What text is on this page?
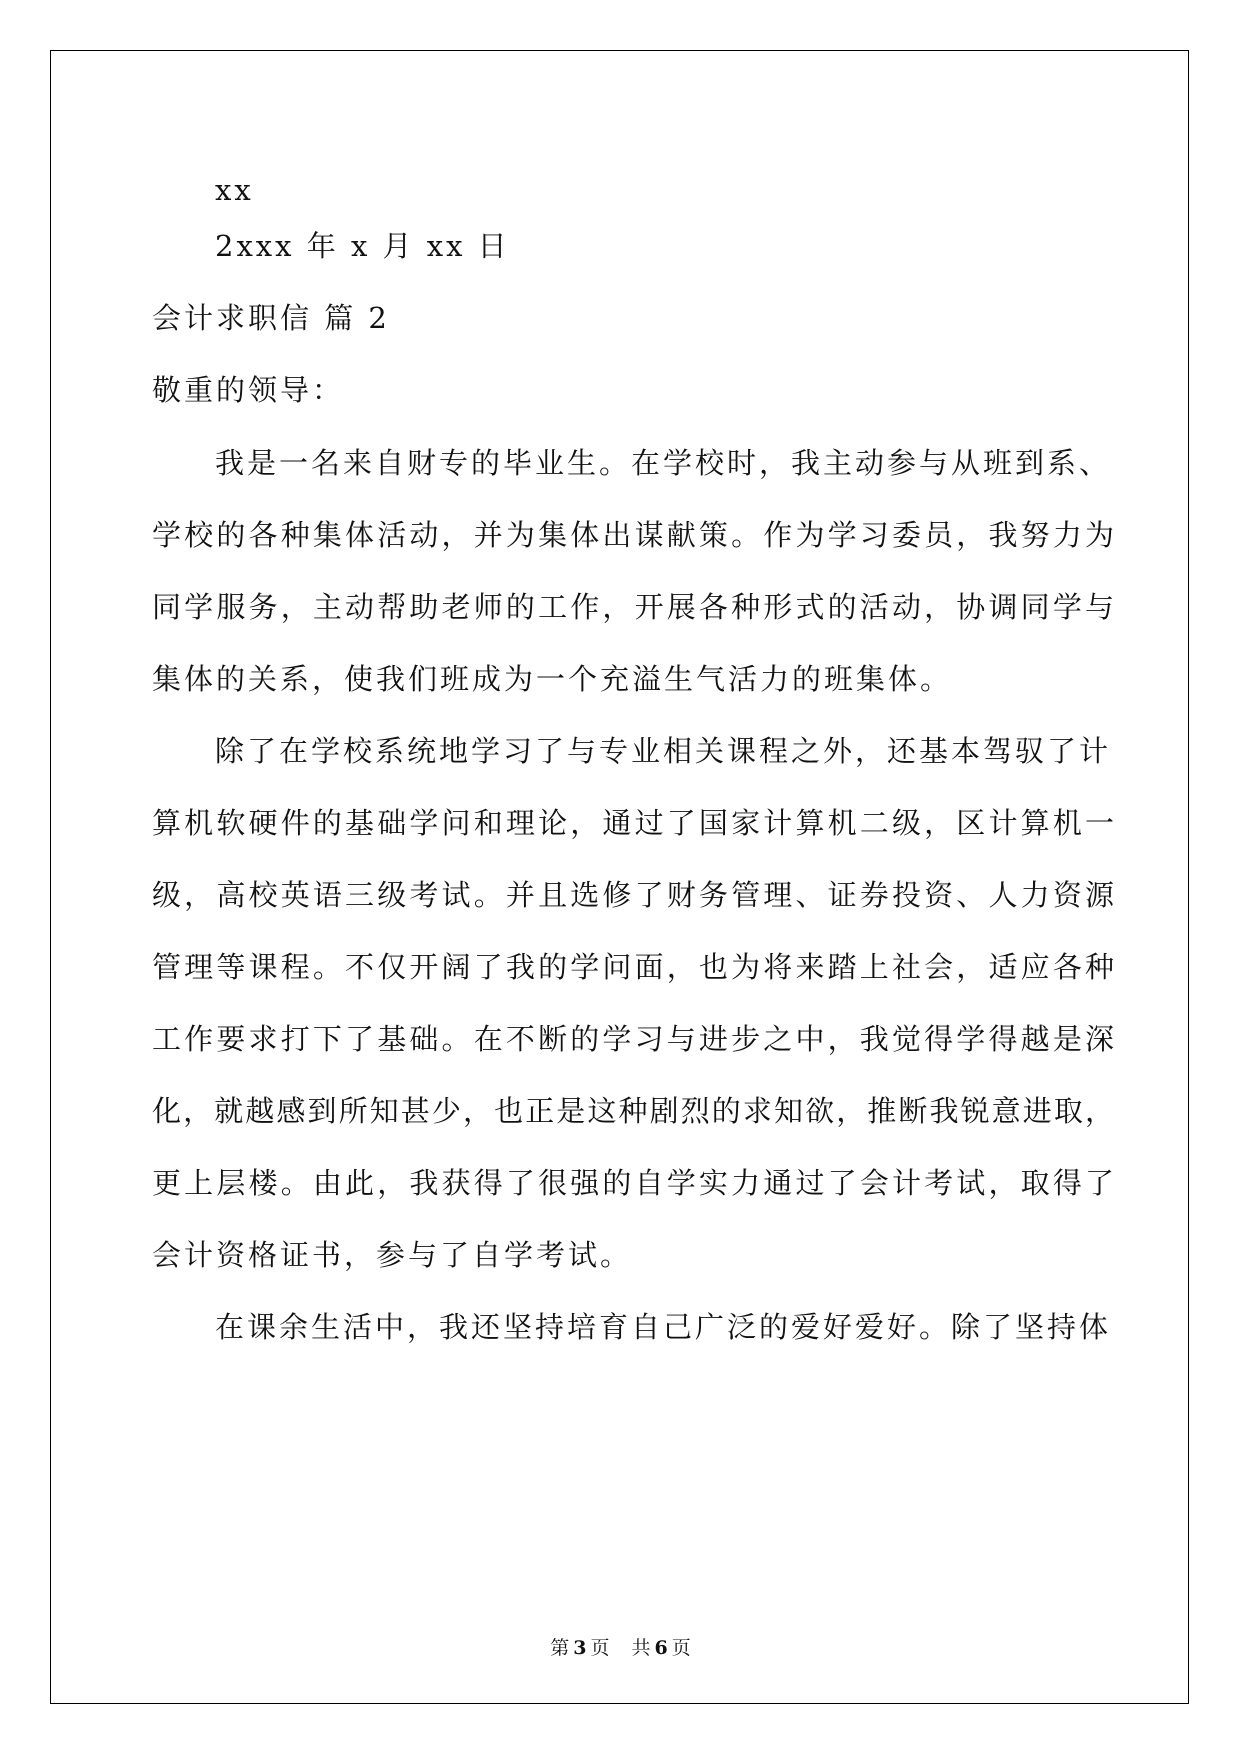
xx
2xxx 年 x 月 xx 日
会计求职信 篇 2
敬重的领导：
我是一名来自财专的毕业生。在学校时，我主动参与从班到系、
学校的各种集体活动，并为集体出谋献策。作为学习委员，我努力为
同学服务，主动帮助老师的工作，开展各种形式的活动，协调同学与
集体的关系，使我们班成为一个充溢生气活力的班集体。
除了在学校系统地学习了与专业相关课程之外，还基本驾驭了计
算机软硬件的基础学问和理论，通过了国家计算机二级，区计算机一
级，高校英语三级考试。并且选修了财务管理、证券投资、人力资源
管理等课程。不仅开阔了我的学问面，也为将来踏上社会，适应各种
工作要求打下了基础。在不断的学习与进步之中，我觉得学得越是深
化，就越感到所知甚少，也正是这种剧烈的求知欲，推断我锐意进取，
更上层楼。由此，我获得了很强的自学实力通过了会计考试，取得了
会计资格证书，参与了自学考试。
在课余生活中，我还坚持培育自己广泛的爱好爱好。除了坚持体
第 3 页 共 6 页
